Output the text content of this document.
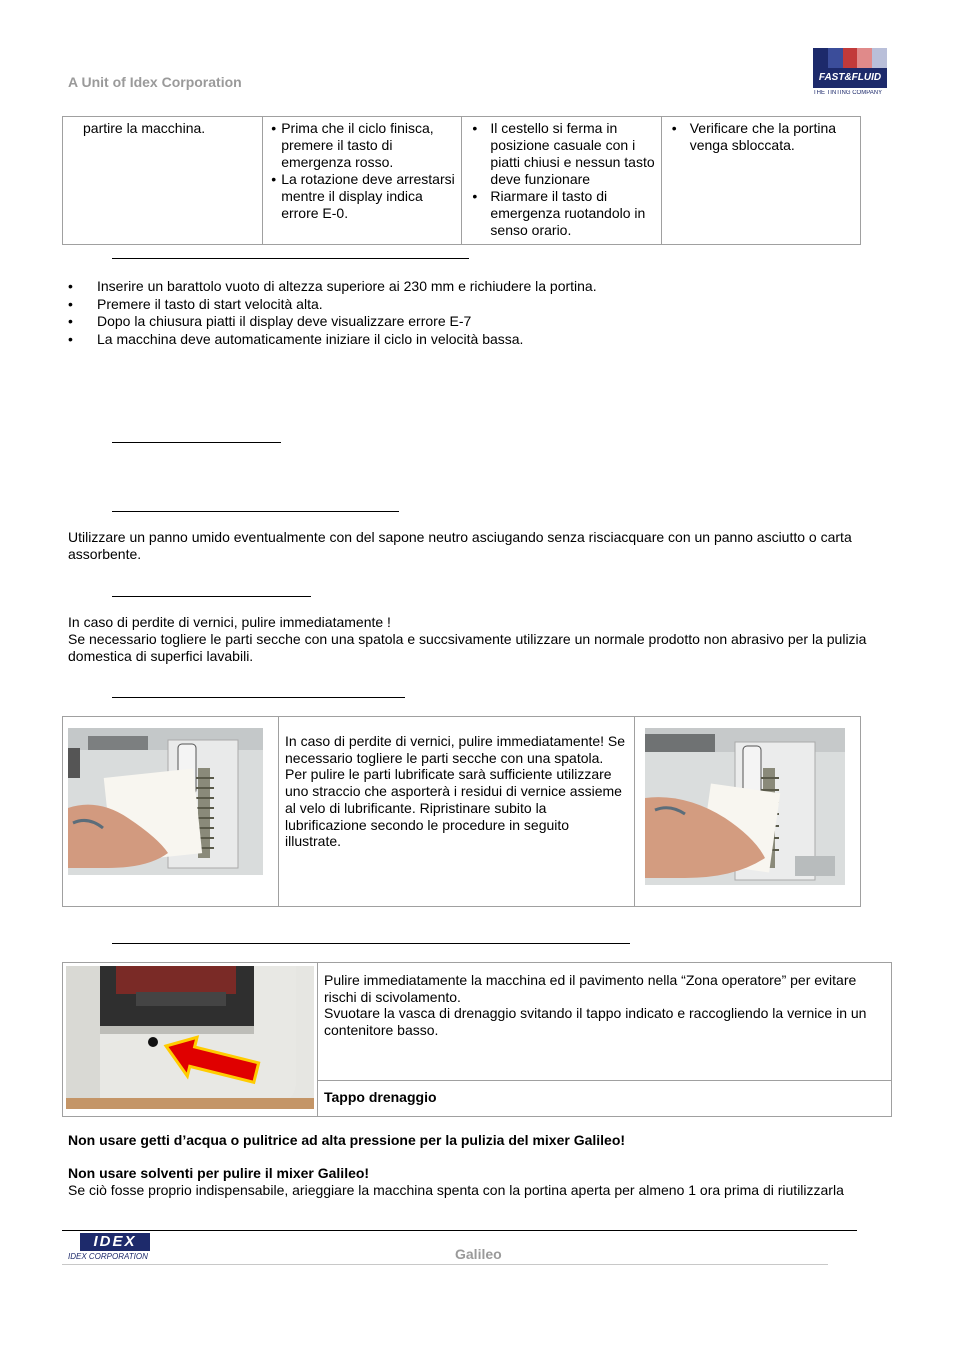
A Unit of Idex Corporation	FAST&FLUID
THE TINTING COMPANY
partire la macchina.

•Prima che il ciclo finisca, premere il tasto di emergenza rosso.
• La rotazione deve arrestarsi mentre il display indica errore E-0.

• Il cestello si ferma in posizione casuale con i piatti chiusi e nessun tasto deve funzionare
• Riarmare il tasto di emergenza ruotandolo in senso orario.

• Verificare che la portina venga sbloccata.
• Inserire un barattolo vuoto di altezza superiore ai 230 mm e richiudere la portina.
• Premere il tasto di start velocità alta.
• Dopo la chiusura piatti il display deve visualizzare errore E-7
• La macchina deve automaticamente iniziare il ciclo in velocità bassa.
Utilizzare un panno umido eventualmente con del sapone neutro asciugando senza risciacquare con un panno asciutto o carta assorbente.
In caso di perdite di vernici, pulire immediatamente !
Se necessario togliere le parti secche con una spatola e succsivamente utilizzare un normale prodotto non abrasivo per la pulizia domestica di superfici lavabili.

In caso di perdite di vernici, pulire immediatamente! Se necessario togliere le parti secche con una spatola. Per pulire le parti lubrificate sarà sufficiente utilizzare uno straccio che asporterà i residui di vernice assieme al velo di lubrificante. Ripristinare subito la lubrificazione secondo le procedure in seguito illustrate.

Pulire immediatamente la macchina ed il pavimento nella “Zona operatore” per evitare rischi di scivolamento.
Svuotare la vasca di drenaggio svitando il tappo indicato e raccogliendo la vernice in un contenitore basso.

Tappo drenaggio
Non usare getti d’acqua o pulitrice ad alta pressione per la pulizia del mixer Galileo!
Non usare solventi per pulire il mixer Galileo!
Se ciò fosse proprio indispensabile, arieggiare la macchina spenta con la portina aperta per almeno 1 ora prima di riutilizzarla
IDEX
IDEX CORPORATION	Galileo
